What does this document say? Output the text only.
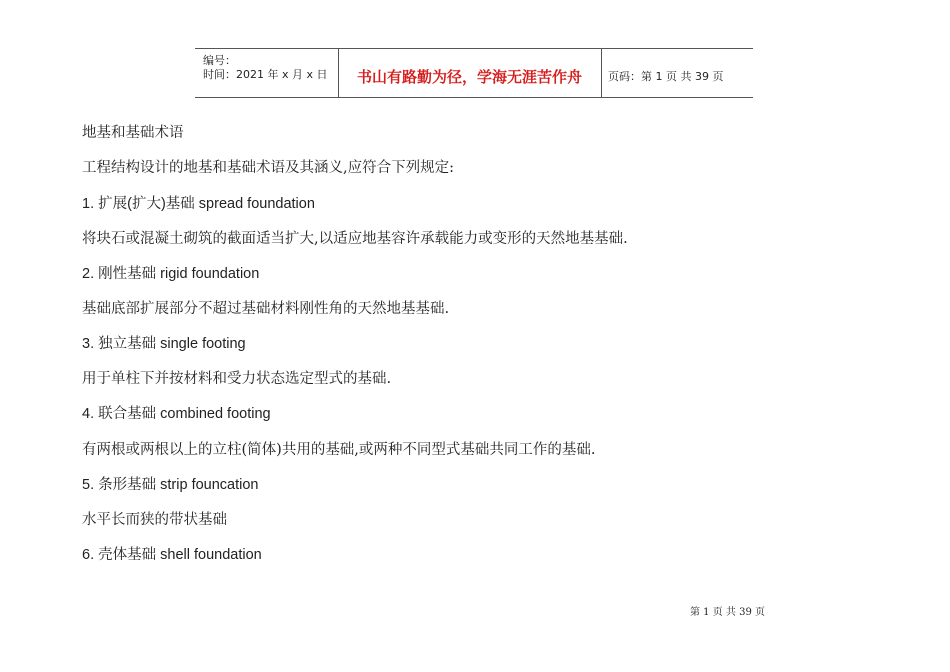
编号：
时间：2021 年 x 月 x 日	书山有路勤为径，学海无涯苦作舟	页码：第 1 页 共 39 页
地基和基础术语
工程结构设计的地基和基础术语及其涵义,应符合下列规定:
1. 扩展(扩大)基础 spread foundation
将块石或混凝土砌筑的截面适当扩大,以适应地基容许承载能力或变形的天然地基基础.
2. 刚性基础 rigid foundation
基础底部扩展部分不超过基础材料刚性角的天然地基基础.
3. 独立基础 single footing
用于单柱下并按材料和受力状态选定型式的基础.
4. 联合基础 combined footing
有两根或两根以上的立柱(简体)共用的基础,或两种不同型式基础共同工作的基础.
5. 条形基础 strip founcation
水平长而狭的带状基础
6. 壳体基础 shell foundation
第 1 页 共 39 页
